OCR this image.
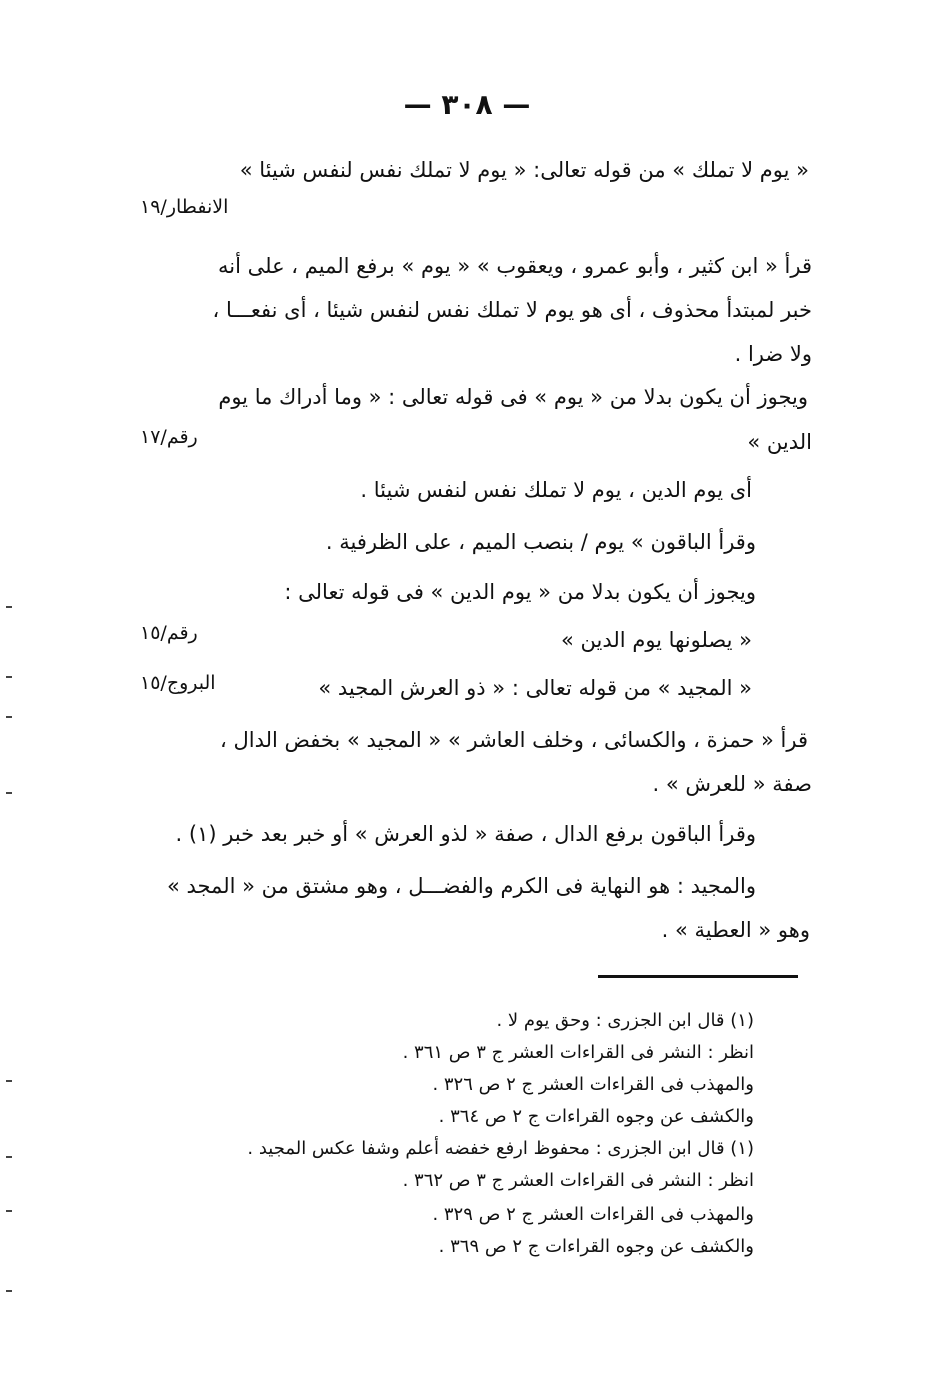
— ٣٠٨ —
« يوم لا تملك » من قوله تعالى: « يوم لا تملك نفس لنفس شيئا »
الانفطار/١٩
قرأ « ابن كثير ، وأبو عمرو ، ويعقوب » « يوم » برفع الميم ، على أنه
خبر لمبتدأ محذوف ، أى هو يوم لا تملك نفس لنفس شيئا ، أى نفعـــا ،
ولا ضرا .
ويجوز أن يكون بدلا من « يوم » فى قوله تعالى : « وما أدراك ما يوم
الدين »
رقم/١٧
أى يوم الدين ، يوم لا تملك نفس لنفس شيئا .
وقرأ الباقون » يوم / بنصب الميم ، على الظرفية .
ويجوز أن يكون بدلا من « يوم الدين » فى قوله تعالى :
« يصلونها يوم الدين »
رقم/١٥
« المجيد » من قوله تعالى : « ذو العرش المجيد »
البروج/١٥
قرأ « حمزة ، والكسائى ، وخلف العاشر » « المجيد » بخفض الدال ،
صفة « للعرش » .
وقرأ الباقون برفع الدال ، صفة « لذو العرش » أو خبر بعد خبر (١) .
والمجيد : هو النهاية فى الكرم والفضـــل ، وهو مشتق من « المجد »
وهو « العطية » .
(١) قال ابن الجزرى : وحق يوم لا .
انظر : النشر فى القراءات العشر ج ٣ ص ٣٦١ .
والمهذب فى القراءات العشر ج ٢ ص ٣٢٦ .
والكشف عن وجوه القراءات ج ٢ ص ٣٦٤ .
(١) قال ابن الجزرى : محفوظ ارفع خفضه أعلم وشفا عكس المجيد .
انظر : النشر فى القراءات العشر ج ٣ ص ٣٦٢ .
والمهذب فى القراءات العشر ج ٢ ص ٣٢٩ .
والكشف عن وجوه القراءات ج ٢ ص ٣٦٩ .
